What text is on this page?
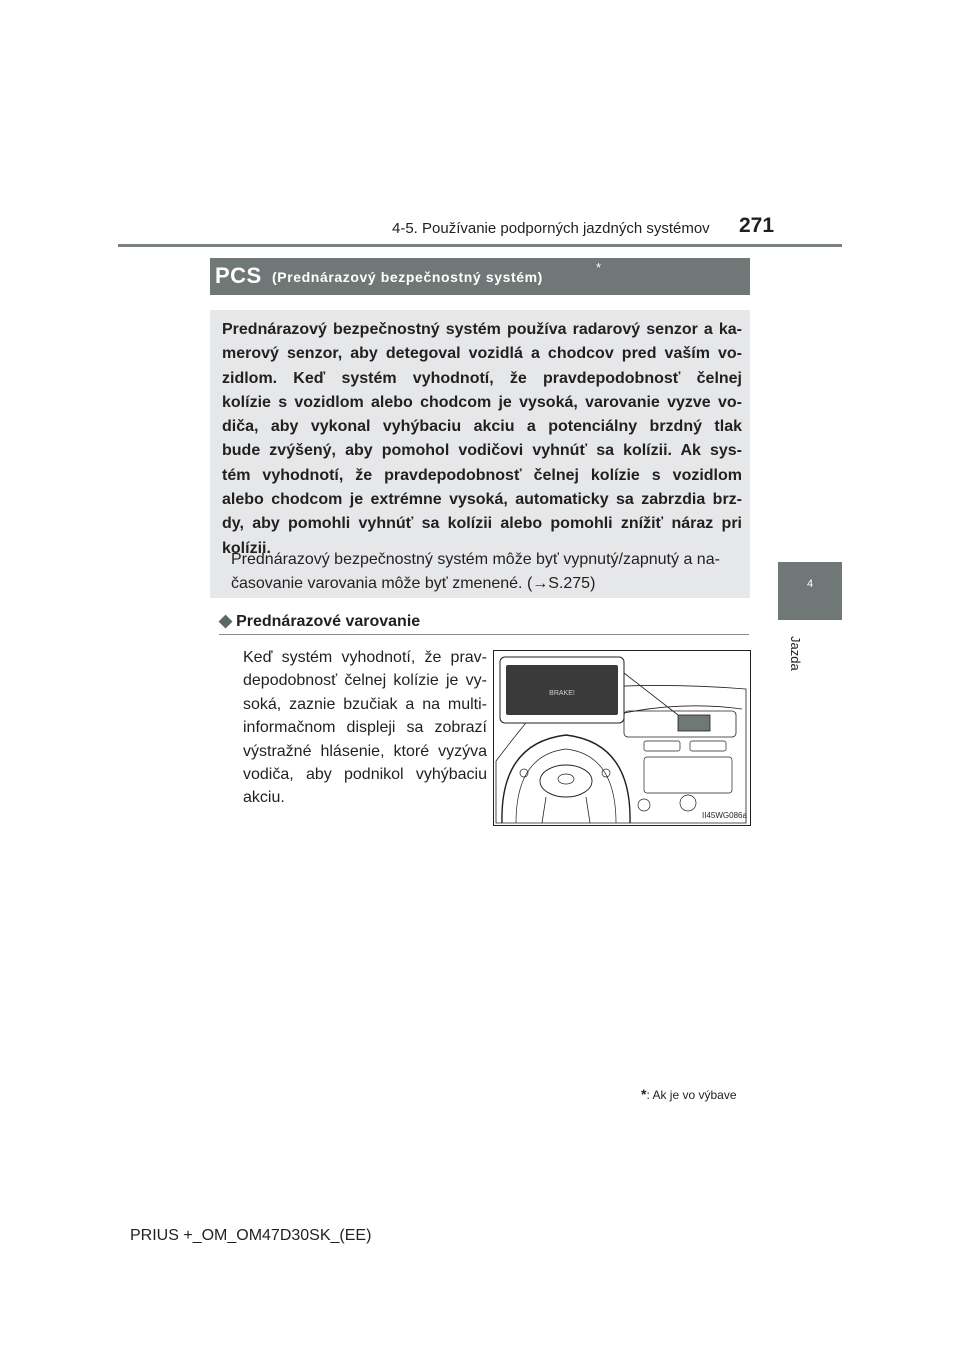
4-5. Používanie podporných jazdných systémov 271
4
Jazda
PCS (Prednárazový bezpečnostný systém)
*
Prednárazový bezpečnostný systém používa radarový senzor a ka-
merový senzor, aby detegoval vozidlá a chodcov pred vaším vo-
zidlom. Keď systém vyhodnotí, že pravdepodobnosť čelnej
kolízie s vozidlom alebo chodcom je vysoká, varovanie vyzve vo-
diča, aby vykonal vyhýbaciu akciu a potenciálny brzdný tlak
bude zvýšený, aby pomohol vodičovi vyhnúť sa kolízii. Ak sys-
tém vyhodnotí, že pravdepodobnosť čelnej kolízie s vozidlom
alebo chodcom je extrémne vysoká, automaticky sa zabrzdia brz-
dy, aby pomohli vyhnúť sa kolízii alebo pomohli znížiť náraz pri
kolízii.
Prednárazový bezpečnostný systém môže byť vypnutý/zapnutý a na-
časovanie varovania môže byť zmenené. (→S.275)
◆ Prednárazové varovanie
Keď systém vyhodnotí, že prav-
depodobnosť čelnej kolízie je vy-
soká, zaznie bzučiak a na multi-
informačnom displeji sa zobrazí
výstražné hlásenie, ktoré vyzýva
vodiča, aby podnikol vyhýbaciu
akciu.
BRAKE!
II45WG086a
*: Ak je vo výbave
PRIUS +_OM_OM47D30SK_(EE)
